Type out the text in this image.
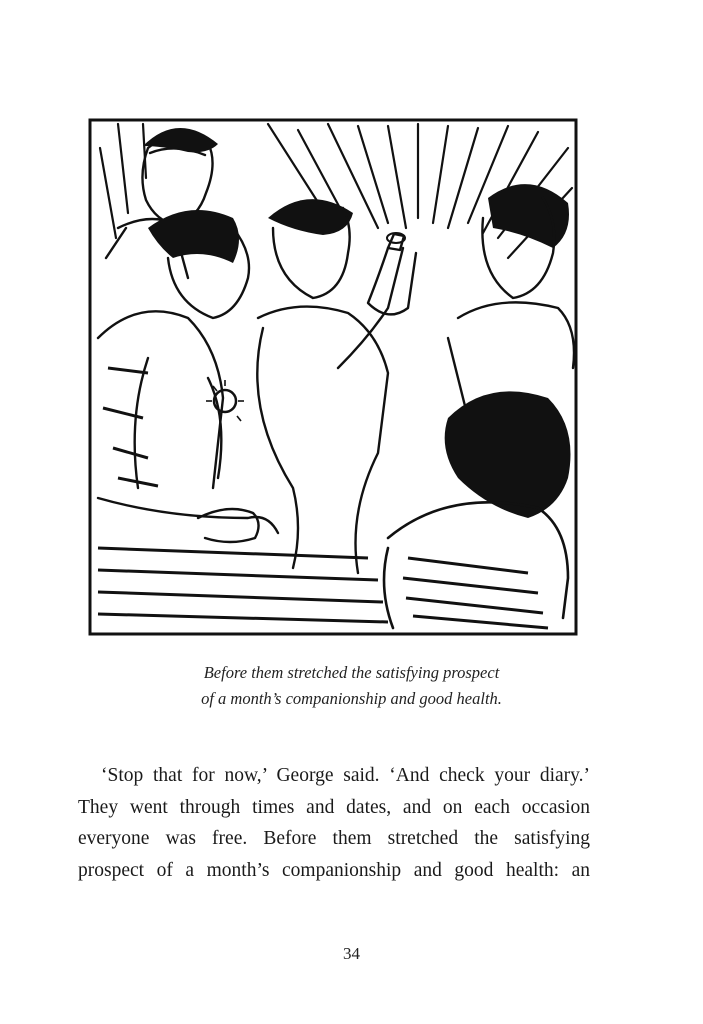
Before them stretched the satisfying prospect
of a month’s companionship and good health.
‘Stop that for now,’ George said. ‘And check your diary.’
They went through times and dates, and on each occasion
everyone was free. Before them stretched the satisfying
prospect of a month’s companionship and good health: an
34
